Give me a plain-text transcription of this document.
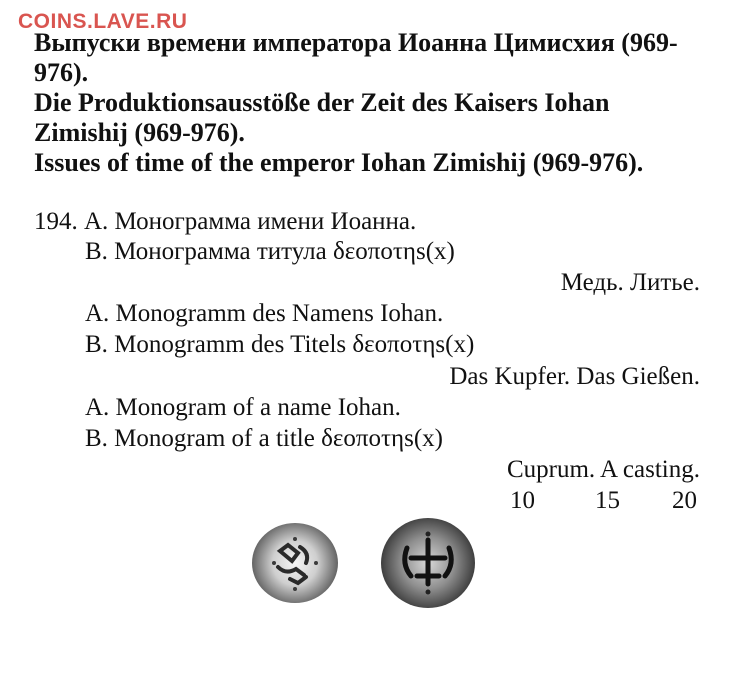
COINS.LAVE.RU
Выпуски времени императора Иоанна Цимисхия (969-
976).
Die Produktionsausstöße der Zeit des Kaisers Iohan
Zimishij (969-976).
Issues of time of the emperor Iohan Zimishij (969-976).
194. А. Монограмма имени Иоанна.
В. Монограмма титула δεοποτηs(x)
Медь. Литье.
A. Monogramm des Namens Iohan.
B. Monogramm des Titels δεοποτηs(x)
Das Kupfer. Das Gießen.
A. Monogram of a name Iohan.
B. Monogram of a title δεοποτηs(x)
Cuprum. A casting.
10 15 20
